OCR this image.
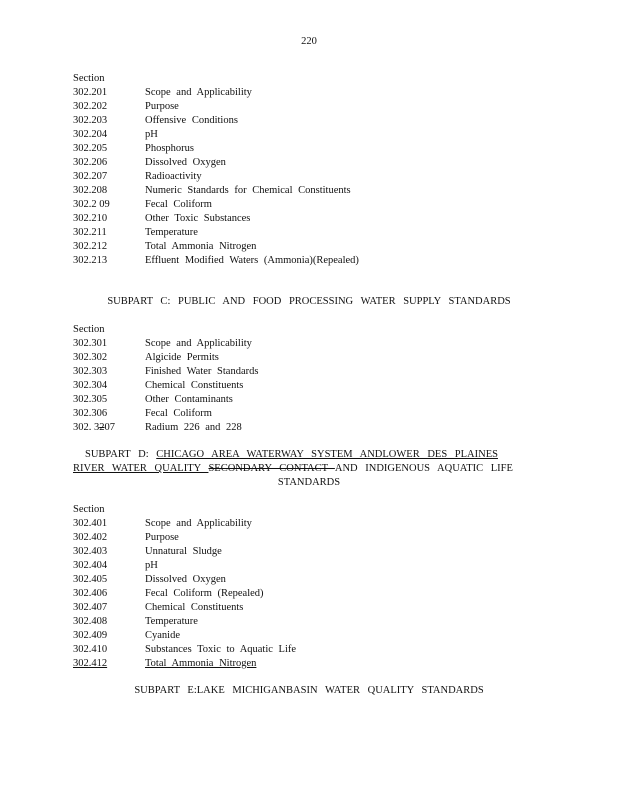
220
Section
302.201	Scope and Applicability
302.202	Purpose
302.203	Offensive Conditions
302.204	pH
302.205	Phosphorus
302.206	Dissolved Oxygen
302.207	Radioactivity
302.208	Numeric Standards for Chemical Constituents
302.2 09	Fecal Coliform
302.210	Other Toxic Substances
302.211	Temperature
302.212	Total Ammonia Nitrogen
302.213	Effluent Modified Waters (Ammonia)(Repealed)
SUBPART C: PUBLIC AND FOOD PROCESSING WATER SUPPLY STANDARDS
Section
302.301	Scope and Applicability
302.302	Algicide Permits
302.303	Finished Water Standards
302.304	Chemical Constituents
302.305	Other Contaminants
302.306	Fecal Coliform
302. 3207	Radium 226 and 228
SUBPART D: CHICAGO AREA WATERWAY SYSTEM ANDLOWER DES PLAINES
RIVER WATER QUALITY SECONDARY CONTACT AND INDIGENOUS AQUATIC LIFE
STANDARDS
Section
302.401	Scope and Applicability
302.402	Purpose
302.403	Unnatural Sludge
302.404	pH
302.405	Dissolved Oxygen
302.406	Fecal Coliform (Repealed)
302.407	Chemical Constituents
302.408	Temperature
302.409	Cyanide
302.410	Substances Toxic to Aquatic Life
302.412	Total Ammonia Nitrogen
SUBPART E:LAKE MICHIGANBASIN WATER QUALITY STANDARDS
